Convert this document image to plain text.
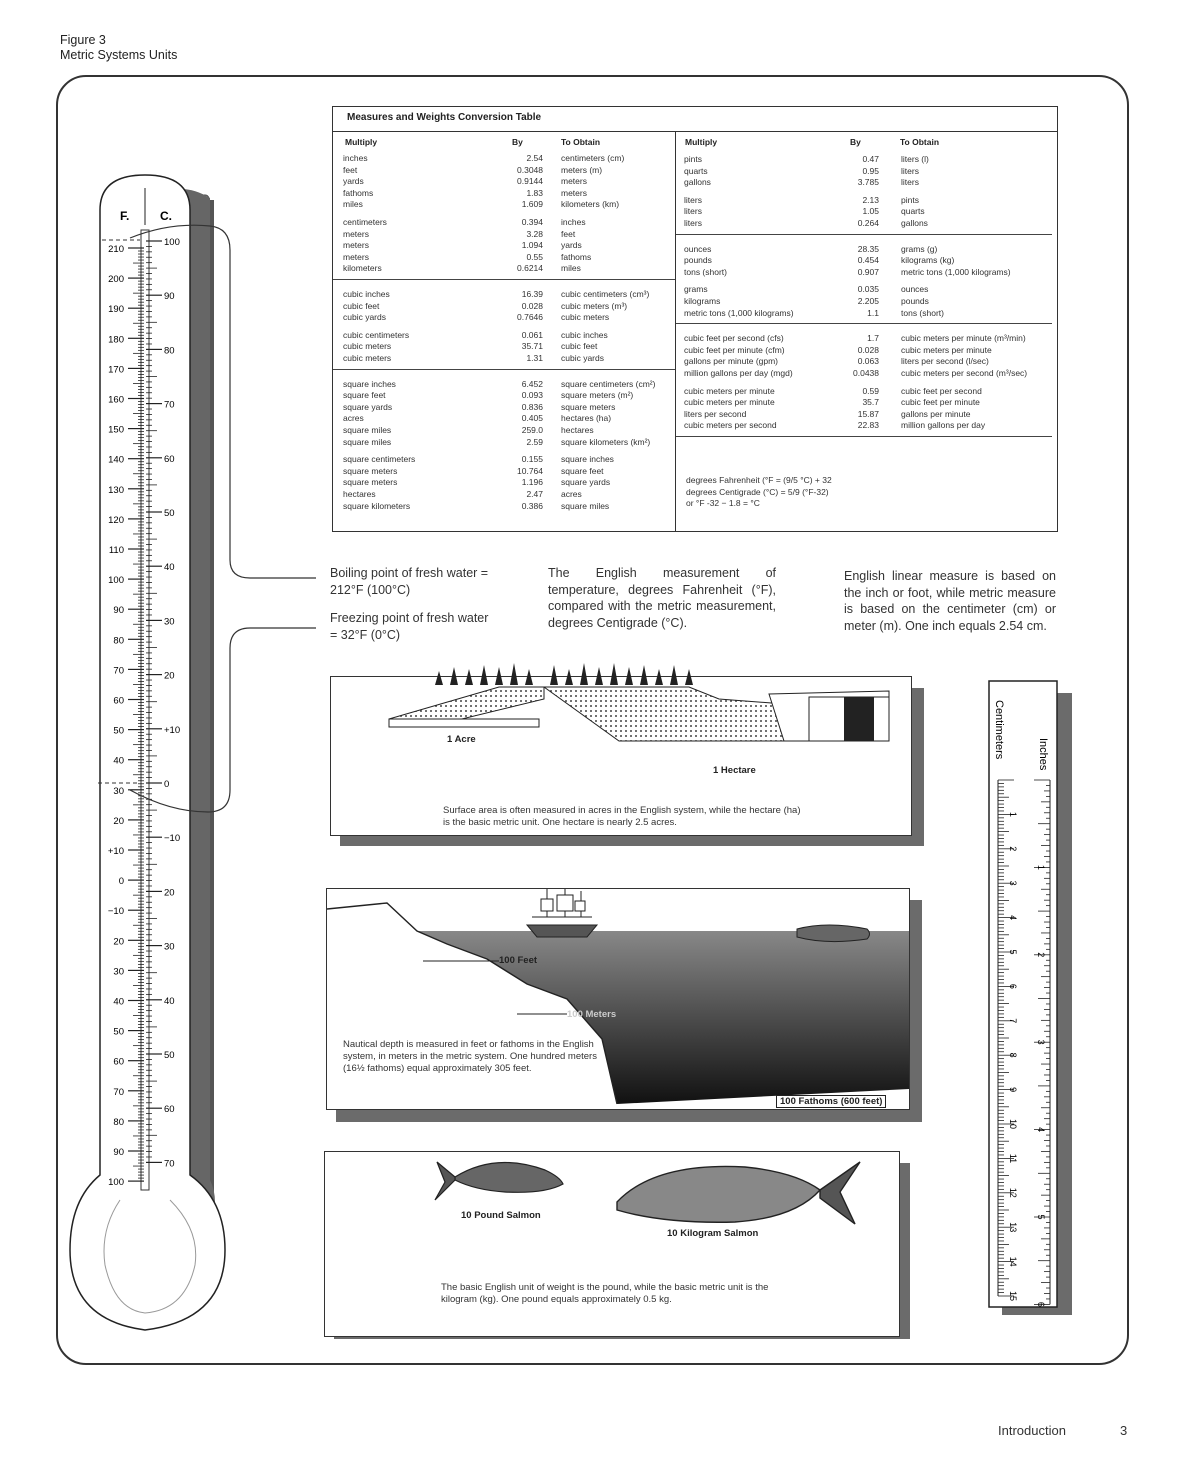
Figure 3
Metric Systems Units
F.	C.
210
200
190
180
170
160
150
140
130
120
110
100
90
80
70
60
50
40
30
20
+10
0
−10
20
30
40
50
60
70
80
90
100
100
90
80
70
60
50
40
30
20
+10
0
−10
20
30
40
50
60
70
Measures and Weights Conversion Table
Multiply	By	To Obtain	Multiply	By	To Obtain
inches	2.54 centimeters (cm)
feet	0.3048 meters (m)
yards	0.9144 meters
fathoms	1.83 meters
miles	1.609 kilometers (km)
centimeters	0.394 inches
meters	3.28 feet
meters	1.094 yards
meters	0.55 fathoms
kilometers	0.6214 miles
cubic inches	16.39 cubic centimeters (cm³)
cubic feet	0.028 cubic meters (m³)
cubic yards	0.7646 cubic meters
cubic centimeters	0.061 cubic inches
cubic meters	35.71 cubic feet
cubic meters	1.31 cubic yards
square inches	6.452 square centimeters (cm²)
square feet	0.093 square meters (m²)
square yards	0.836 square meters
acres	0.405 hectares (ha)
square miles	259.0 hectares
square miles	2.59 square kilometers (km²)
square centimeters	0.155 square inches
square meters	10.764 square feet
square meters	1.196 square yards
hectares	2.47 acres
square kilometers	0.386 square miles
pints	0.47	liters (l)
quarts	0.95	liters
gallons	3.785	liters
liters	2.13	pints
liters	1.05	quarts
liters	0.264	gallons
ounces	28.35	grams (g)
pounds	0.454	kilograms (kg)
tons (short)	0.907	metric tons (1,000 kilograms)
grams	0.035	ounces
kilograms	2.205	pounds
metric tons (1,000 kilograms)	1.1	tons (short)
cubic feet per second (cfs)	1.7	cubic meters per minute (m³/min)
cubic feet per minute (cfm)	0.028	cubic meters per minute
gallons per minute (gpm)	0.063	liters per second (l/sec)
million gallons per day (mgd)	0.0438	cubic meters per second (m³/sec)
cubic meters per minute	0.59	cubic feet per second
cubic meters per minute	35.7	cubic feet per minute
liters per second	15.87	gallons per minute
cubic meters per second	22.83	million gallons per day
degrees Fahrenheit (°F = (9/5 °C) + 32
degrees Centigrade (°C) = 5/9 (°F-32)
or °F -32 − 1.8 = °C
Boiling point of fresh water = 212°F (100°C)
Freezing point of fresh water = 32°F (0°C)
The English measurement of temperature, degrees Fahrenheit (°F), compared with the metric measurement, degrees Centigrade (°C).
English linear measure is based on the inch or foot, while metric measure is based on the centimeter (cm) or meter (m). One inch equals 2.54 cm.
1 Acre
1 Hectare
Surface area is often measured in acres in the English system, while the hectare (ha) is the basic metric unit. One hectare is nearly 2.5 acres.
100 Feet
100 Meters
100 Fathoms (600 feet)
Nautical depth is measured in feet or fathoms in the English system, in meters in the metric system. One hundred meters (16½ fathoms) equal approximately 305 feet.
10 Pound Salmon
10 Kilogram Salmon
The basic English unit of weight is the pound, while the basic metric unit is the kilogram (kg). One pound equals approximately 0.5 kg.
1
2
3
4
5
6
7
8
9
10
11
12
13
14
15
1
2
3
4
5
6
Centimeters	Inches
Introduction	3
